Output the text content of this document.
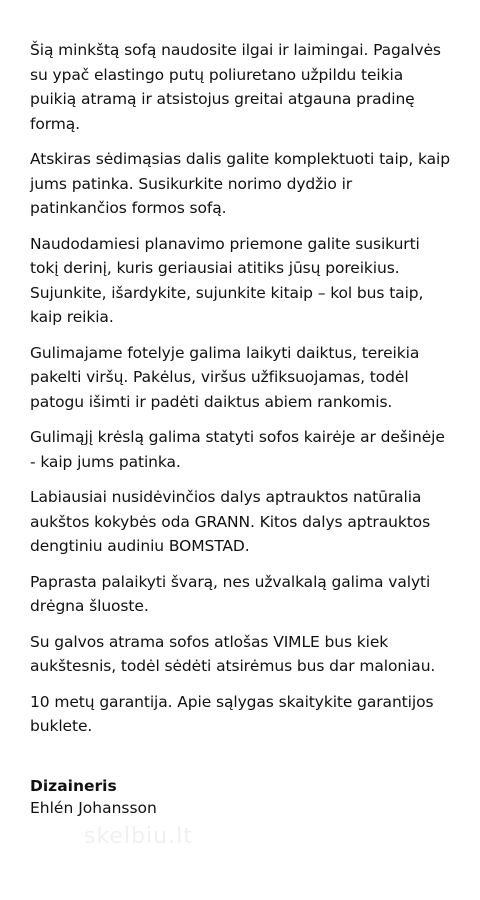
Šią minkštą sofą naudosite ilgai ir laimingai. Pagalvės su ypač elastingo putų poliuretano užpildu teikia puikią atramą ir atsistojus greitai atgauna pradinę formą.

Atskiras sėdimąsias dalis galite komplektuoti taip, kaip jums patinka. Susikurkite norimo dydžio ir patinkančios formos sofą.

Naudodamiesi planavimo priemone galite susikurti tokį derinį, kuris geriausiai atitiks jūsų poreikius. Sujunkite, išardykite, sujunkite kitaip – kol bus taip, kaip reikia.

Gulimajame fotelyje galima laikyti daiktus, tereikia pakelti viršų. Pakėlus, viršus užfiksuojamas, todėl patogu išimti ir padėti daiktus abiem rankomis.

Gulimąjį krėslą galima statyti sofos kairėje ar dešinėje - kaip jums patinka.

Labiausiai nusidėvinčios dalys aptrauktos natūralia aukštos kokybės oda GRANN. Kitos dalys aptrauktos dengtiniu audiniu BOMSTAD.

Paprasta palaikyti švarą, nes užvalkalą galima valyti drėgna šluoste.

Su galvos atrama sofos atlošas VIMLE bus kiek aukštesnis, todėl sėdėti atsirėmus bus dar maloniau.

10 metų garantija. Apie sąlygas skaitykite garantijos buklete.

Dizaineris
Ehlén Johansson
skelbiu.lt
